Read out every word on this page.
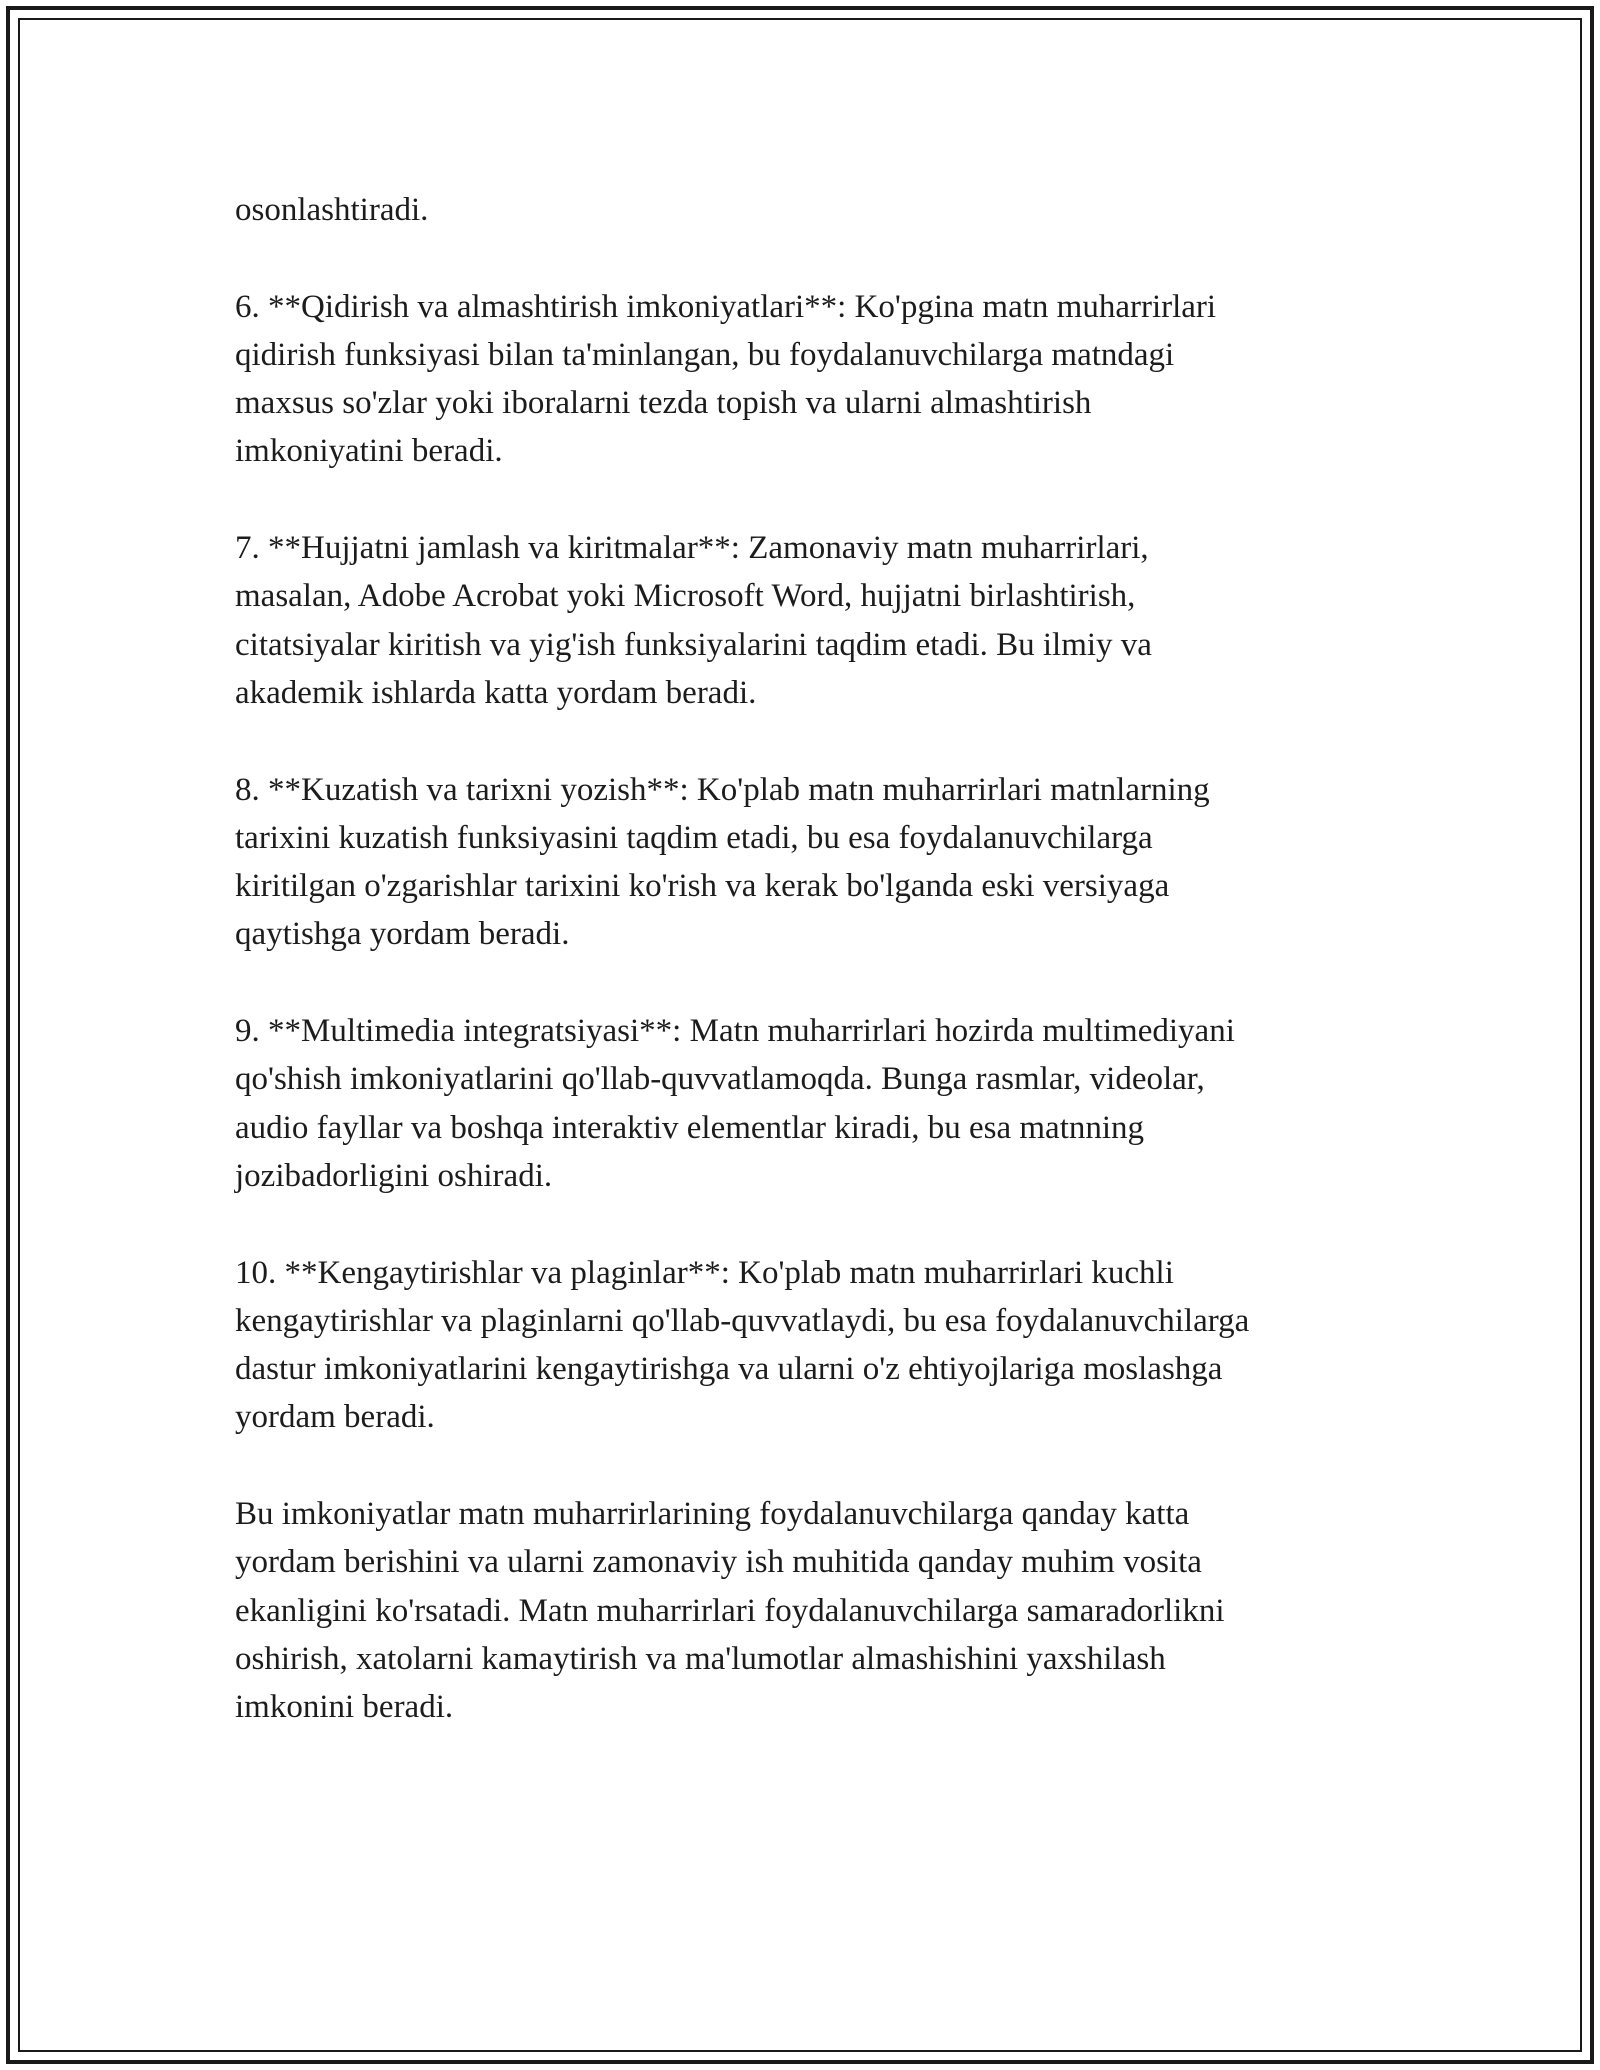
osonlashtiradi.

6. **Qidirish va almashtirish imkoniyatlari**: Ko'pgina matn muharrirlari
qidirish funksiyasi bilan ta'minlangan, bu foydalanuvchilarga matndagi
maxsus so'zlar yoki iboralarni tezda topish va ularni almashtirish
imkoniyatini beradi.

7. **Hujjatni jamlash va kiritmalar**: Zamonaviy matn muharrirlari,
masalan, Adobe Acrobat yoki Microsoft Word, hujjatni birlashtirish,
citatsiyalar kiritish va yig'ish funksiyalarini taqdim etadi. Bu ilmiy va
akademik ishlarda katta yordam beradi.

8. **Kuzatish va tarixni yozish**: Ko'plab matn muharrirlari matnlarning
tarixini kuzatish funksiyasini taqdim etadi, bu esa foydalanuvchilarga
kiritilgan o'zgarishlar tarixini ko'rish va kerak bo'lganda eski versiyaga
qaytishga yordam beradi.

9. **Multimedia integratsiyasi**: Matn muharrirlari hozirda multimediyani
qo'shish imkoniyatlarini qo'llab-quvvatlamoqda. Bunga rasmlar, videolar,
audio fayllar va boshqa interaktiv elementlar kiradi, bu esa matnning
jozibadorligini oshiradi.

10. **Kengaytirishlar va plaginlar**: Ko'plab matn muharrirlari kuchli
kengaytirishlar va plaginlarni qo'llab-quvvatlaydi, bu esa foydalanuvchilarga
dastur imkoniyatlarini kengaytirishga va ularni o'z ehtiyojlariga moslashga
yordam beradi.

Bu imkoniyatlar matn muharrirlarining foydalanuvchilarga qanday katta
yordam berishini va ularni zamonaviy ish muhitida qanday muhim vosita
ekanligini ko'rsatadi. Matn muharrirlari foydalanuvchilarga samaradorlikni
oshirish, xatolarni kamaytirish va ma'lumotlar almashishini yaxshilash
imkonini beradi.
